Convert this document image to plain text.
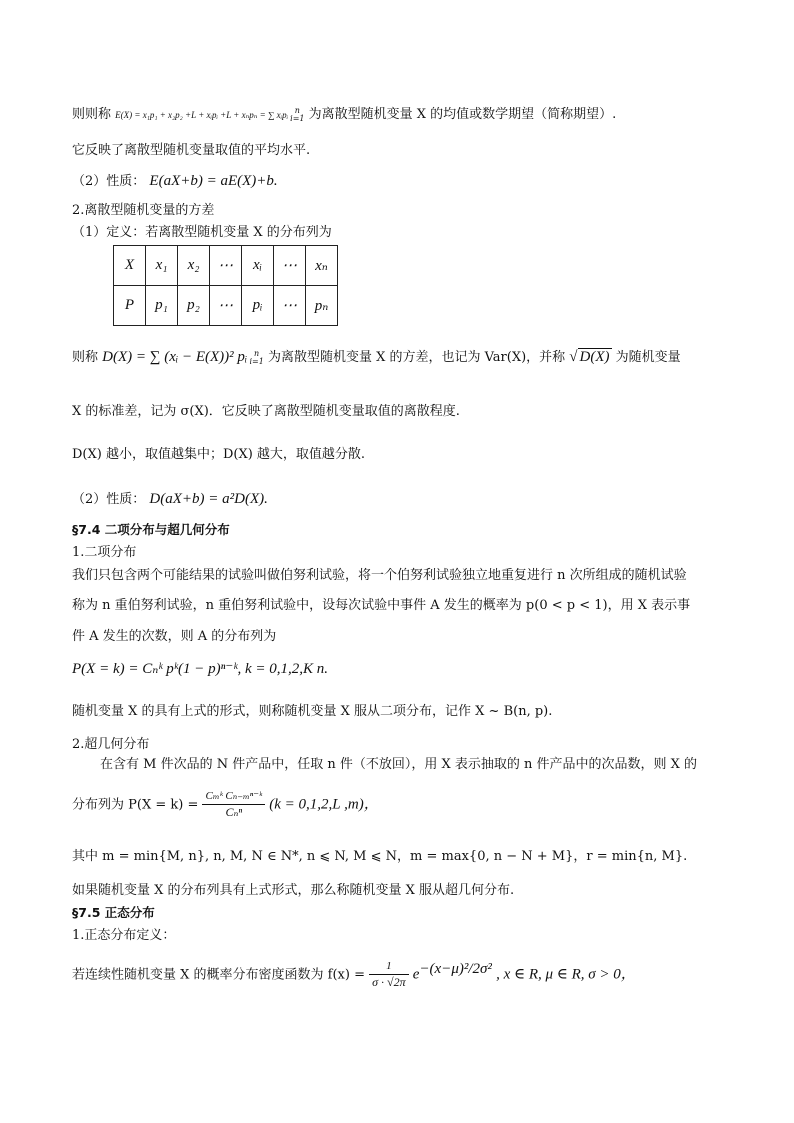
则则称 E(X) = x₁p₁ + x₂p₂ +L + xᵢpᵢ +L + xₙpₙ = ∑ xᵢpᵢ n
i=1 为离散型随机变量 X 的均值或数学期望（简称期望）.
它反映了离散型随机变量取值的平均水平.
（2）性质： E(aX+b) = aE(X)+b.
2.离散型随机变量的方差
（1）定义：若离散型随机变量 X 的分布列为
X	x₁	x₂	⋯	xᵢ	⋯	xₙ
P	p₁	p₂	⋯	pᵢ	⋯	pₙ
则称 D(X) = ∑ (xᵢ − E(X))² pᵢ n
i=1 为离散型随机变量 X 的方差，也记为 Var(X)，并称 √ D(X) 为随机变量
X 的标准差，记为 σ(X)．它反映了离散型随机变量取值的离散程度.
D(X) 越小，取值越集中；D(X) 越大，取值越分散.
（2）性质： D(aX+b) = a²D(X).
§7.4 二项分布与超几何分布
1.二项分布
我们只包含两个可能结果的试验叫做伯努利试验，将一个伯努利试验独立地重复进行 n 次所组成的随机试验
称为 n 重伯努利试验，n 重伯努利试验中，设每次试验中事件 A 发生的概率为 p(0 < p < 1)，用 X 表示事
件 A 发生的次数，则 A 的分布列为
P(X = k) = Cₙᵏ pᵏ(1 − p)ⁿ⁻ᵏ, k = 0,1,2,K n.
随机变量 X 的具有上式的形式，则称随机变量 X 服从二项分布，记作 X ~ B(n, p).
2.超几何分布
在含有 M 件次品的 N 件产品中，任取 n 件（不放回），用 X 表示抽取的 n 件产品中的次品数，则 X 的
分布列为 $P(X = k) = \frac{\text{Cₘᵏ Cₙ₋ₘⁿ⁻ᵏ}}{\text{Cₙⁿ}} (k = 0,1,2,L$ ,m)，
其中 m = min{M, n}, n, M, N ∈ N*, n ⩽ N, M ⩽ N，m = max{0, n − N + M}，r = min{n, M}.
如果随机变量 X 的分布列具有上式形式，那么称随机变量 X 服从超几何分布.
§7.5 正态分布
1.正态分布定义：
若连续性随机变量 X 的概率分布密度函数为 $f(x) = \frac{1}{\sigma \cdot √2\pi} e^{-(x-\mu)^2/2\sigma^2}$ , x ∈ R, μ ∈ R, σ > 0，
